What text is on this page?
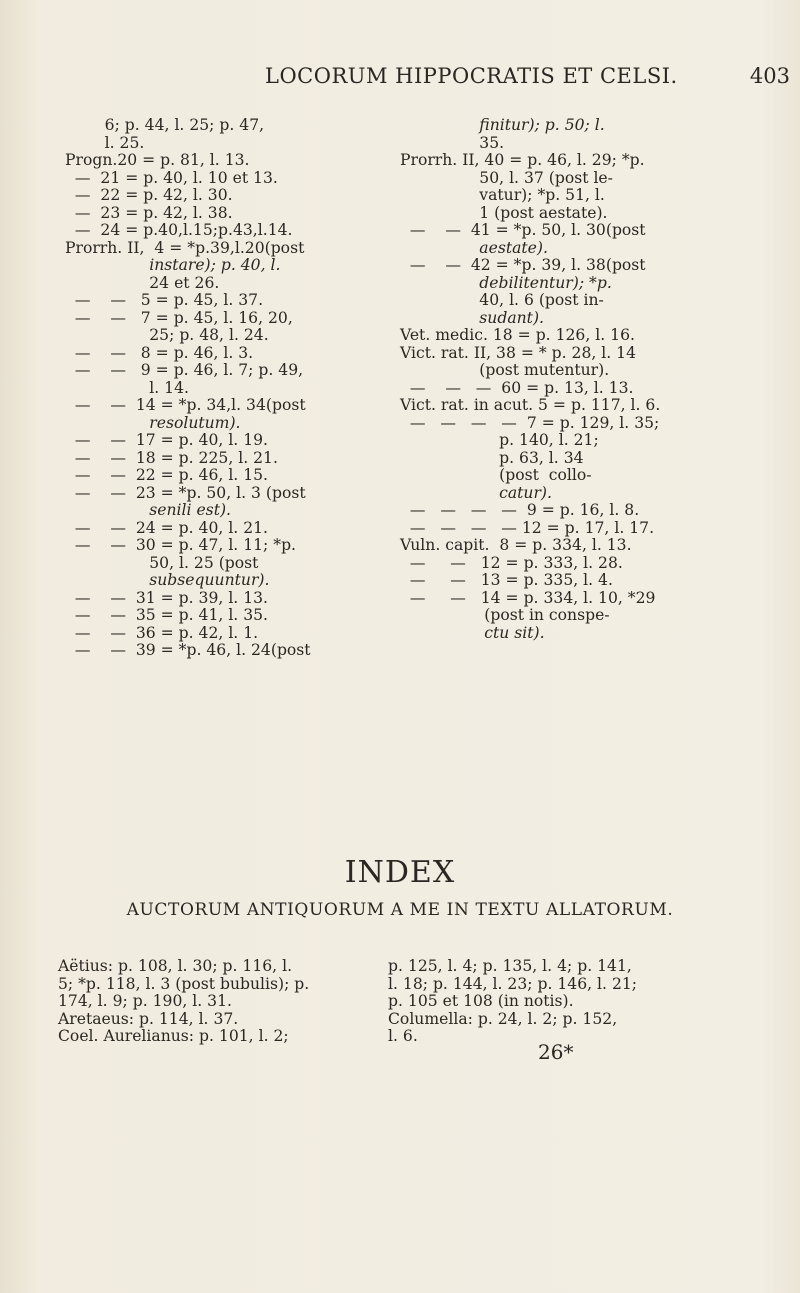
LOCORUM HIPPOCRATIS ET CELSI.	403
6; p. 44, l. 25; p. 47,
l. 25.
Progn.20 = p. 81, l. 13.
—  21 = p. 40, l. 10 et 13.
—  22 = p. 42, l. 30.
—  23 = p. 42, l. 38.
—  24 = p.40,l.15;p.43,l.14.
Prorrh. II,  4 = *p.39,l.20(post
instare); p. 40, l.
24 et 26.
—    —   5 = p. 45, l. 37.
—    —   7 = p. 45, l. 16, 20,
25; p. 48, l. 24.
—    —   8 = p. 46, l. 3.
—    —   9 = p. 46, l. 7; p. 49,
l. 14.
—    —  14 = *p. 34,l. 34(post
resolutum).
—    —  17 = p. 40, l. 19.
—    —  18 = p. 225, l. 21.
—    —  22 = p. 46, l. 15.
—    —  23 = *p. 50, l. 3 (post
senili est).
—    —  24 = p. 40, l. 21.
—    —  30 = p. 47, l. 11; *p.
50, l. 25 (post
subsequuntur).
—    —  31 = p. 39, l. 13.
—    —  35 = p. 41, l. 35.
—    —  36 = p. 42, l. 1.
—    —  39 = *p. 46, l. 24(post
finitur); p. 50; l.
35.
Prorrh. II, 40 = p. 46, l. 29; *p.
50, l. 37 (post le-
vatur); *p. 51, l.
1 (post aestate).
—    —  41 = *p. 50, l. 30(post
aestate).
—    —  42 = *p. 39, l. 38(post
debilitentur); *p.
40, l. 6 (post in-
sudant).
Vet. medic. 18 = p. 126, l. 16.
Vict. rat. II, 38 = * p. 28, l. 14
(post mutentur).
—    —   —  60 = p. 13, l. 13.
Vict. rat. in acut. 5 = p. 117, l. 6.
—   —   —   —  7 = p. 129, l. 35;
p. 140, l. 21;
p. 63, l. 34
(post  collo-
catur).
—   —   —   —  9 = p. 16, l. 8.
—   —   —   — 12 = p. 17, l. 17.
Vuln. capit.  8 = p. 334, l. 13.
—     —   12 = p. 333, l. 28.
—     —   13 = p. 335, l. 4.
—     —   14 = p. 334, l. 10, *29
(post in conspe-
ctu sit).
INDEX
AUCTORUM ANTIQUORUM A ME IN TEXTU ALLATORUM.
Aëtius: p. 108, l. 30; p. 116, l.
5; *p. 118, l. 3 (post bubulis); p.
174, l. 9; p. 190, l. 31.
Aretaeus: p. 114, l. 37.
Coel. Aurelianus: p. 101, l. 2;
p. 125, l. 4; p. 135, l. 4; p. 141,
l. 18; p. 144, l. 23; p. 146, l. 21;
p. 105 et 108 (in notis).
Columella: p. 24, l. 2; p. 152,
l. 6.
26*
